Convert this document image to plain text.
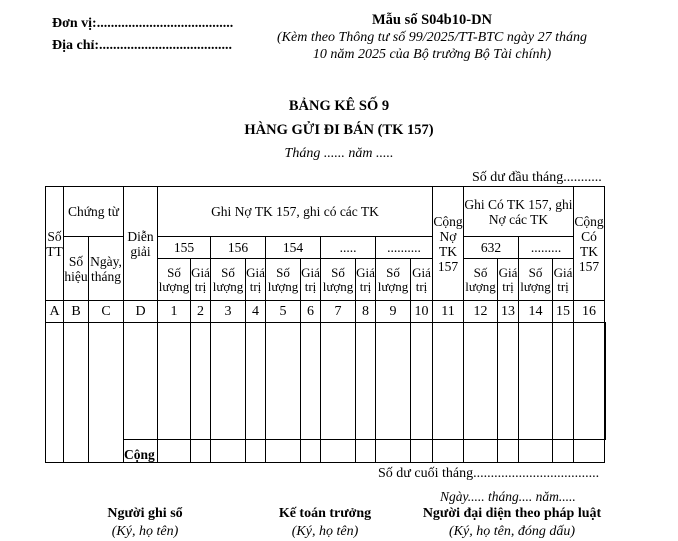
Đơn vị:.......................................
Địa chỉ:......................................
Mẫu số S04b10-DN
(Kèm theo Thông tư số 99/2025/TT-BTC ngày 27 tháng
10 năm 2025 của Bộ trưởng Bộ Tài chính)
BẢNG KÊ SỐ 9
HÀNG GỬI ĐI BÁN (TK 157)
Tháng ...... năm .....
Số dư đầu tháng...........
Số TT	Chứng từ		Diễn giải	Ghi Nợ TK 157, ghi có các TK										Cộng Nợ TK 157	Ghi Có TK 157, ghi Nợ các TK				Cộng Có TK 157	
	Số hiệu	Ngày, tháng		155		156		154		.....		..........			632		.........			
				Số lượng	Giá trị	Số lượng	Giá trị	Số lượng	Giá trị	Số lượng	Giá trị	Số lượng	Giá trị		Số lượng	Giá trị	Số lượng	Giá trị		
A	B	C	D	1	2	3	4	5	6	7	8	9	10	11	12	13	14	15	16	

			Cộng																	
Số dư cuối tháng....................................
Ngày..... tháng.... năm.....
Người ghi sổ
(Ký, họ tên)
Kế toán trưởng
(Ký, họ tên)
Người đại diện theo pháp luật
(Ký, họ tên, đóng dấu)
